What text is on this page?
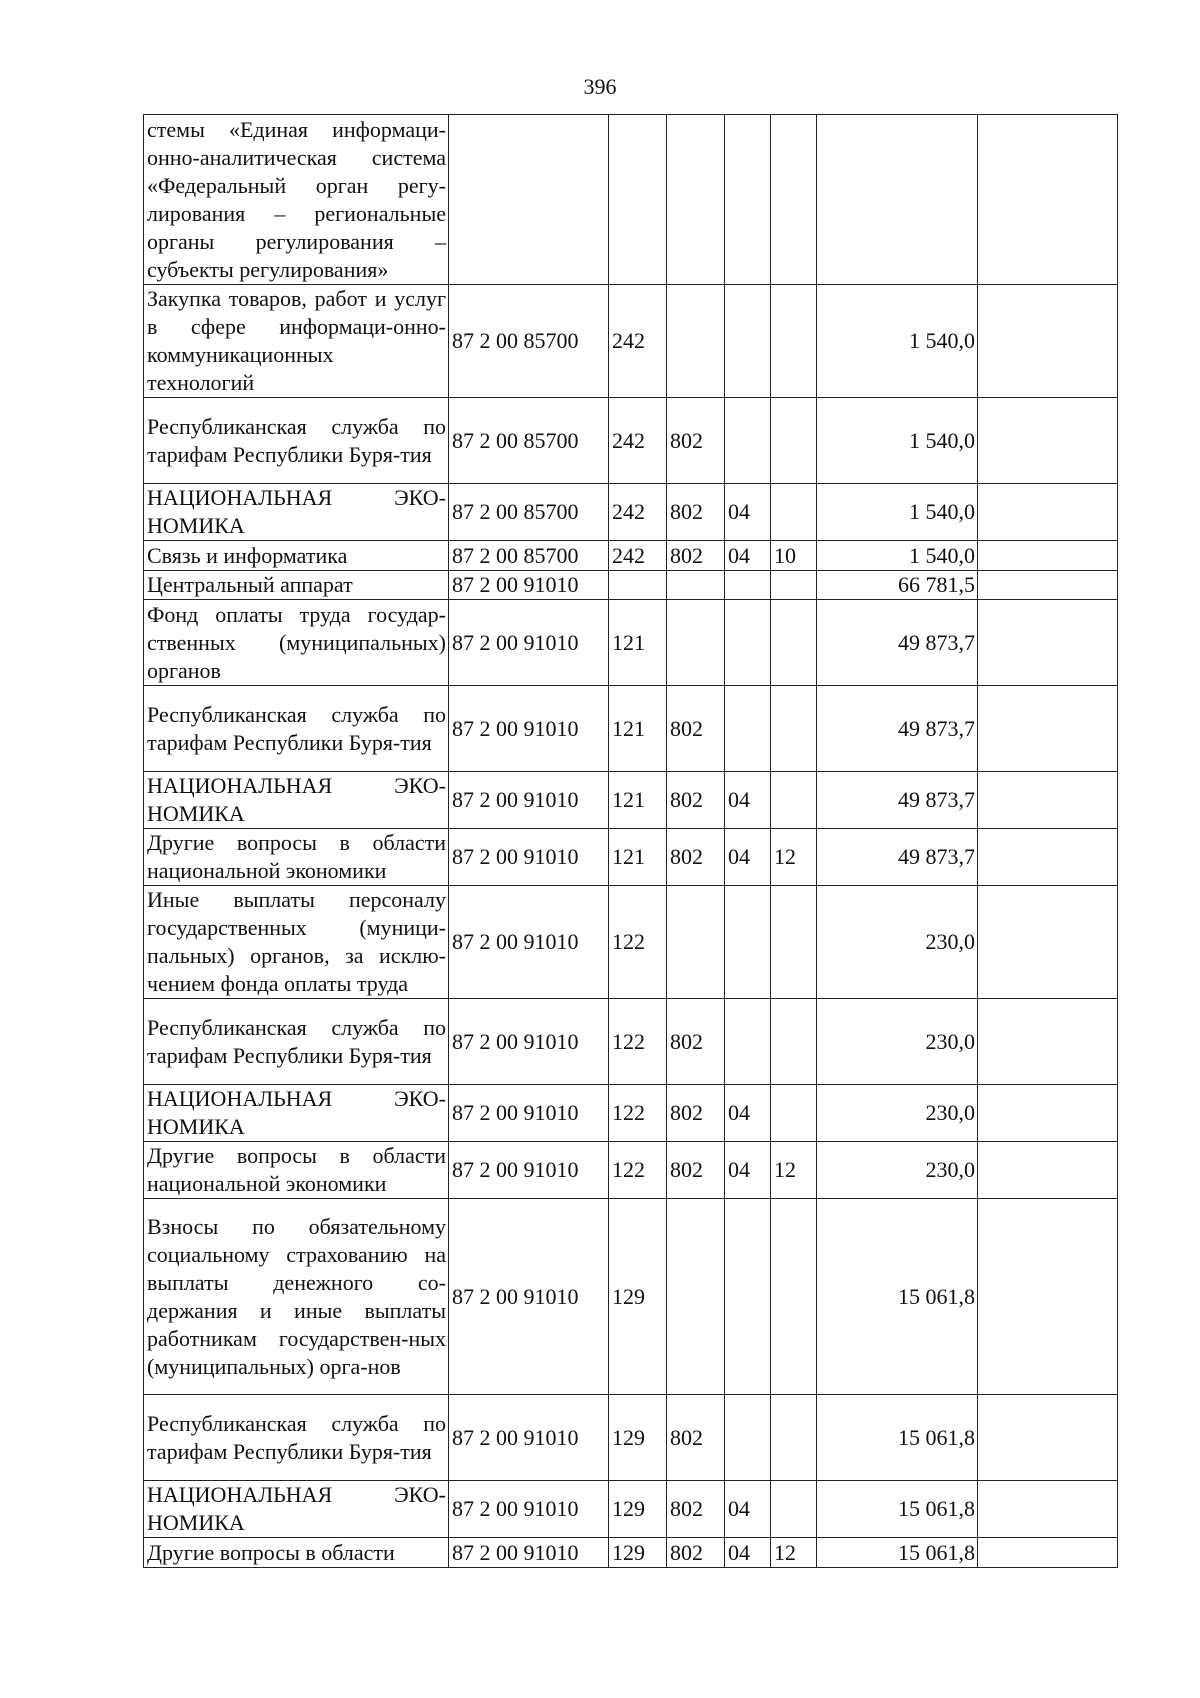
396
стемы «Единая информаци-онно-аналитическая система «Федеральный орган регу-лирования – региональные органы регулирования – субъекты регулирования»							
Закупка товаров, работ и услуг в сфере информаци-онно-коммуникационных технологий	87 2 00 85700	242				1 540,0	
Республиканская служба по тарифам Республики Буря-тия	87 2 00 85700	242	802			1 540,0	
НАЦИОНАЛЬНАЯ ЭКО-НОМИКА	87 2 00 85700	242	802	04		1 540,0	
Связь и информатика	87 2 00 85700	242	802	04	10	1 540,0	
Центральный аппарат	87 2 00 91010					66 781,5	
Фонд оплаты труда государ-ственных (муниципальных) органов	87 2 00 91010	121				49 873,7	
Республиканская служба по тарифам Республики Буря-тия	87 2 00 91010	121	802			49 873,7	
НАЦИОНАЛЬНАЯ ЭКО-НОМИКА	87 2 00 91010	121	802	04		49 873,7	
Другие вопросы в области национальной экономики	87 2 00 91010	121	802	04	12	49 873,7	
Иные выплаты персоналу государственных (муници-пальных) органов, за исклю-чением фонда оплаты труда	87 2 00 91010	122				230,0	
Республиканская служба по тарифам Республики Буря-тия	87 2 00 91010	122	802			230,0	
НАЦИОНАЛЬНАЯ ЭКО-НОМИКА	87 2 00 91010	122	802	04		230,0	
Другие вопросы в области национальной экономики	87 2 00 91010	122	802	04	12	230,0	
Взносы по обязательному социальному страхованию на выплаты денежного со-держания и иные выплаты работникам государствен-ных (муниципальных) орга-нов	87 2 00 91010	129				15 061,8	
Республиканская служба по тарифам Республики Буря-тия	87 2 00 91010	129	802			15 061,8	
НАЦИОНАЛЬНАЯ ЭКО-НОМИКА	87 2 00 91010	129	802	04		15 061,8	
Другие вопросы в области	87 2 00 91010	129	802	04	12	15 061,8	
